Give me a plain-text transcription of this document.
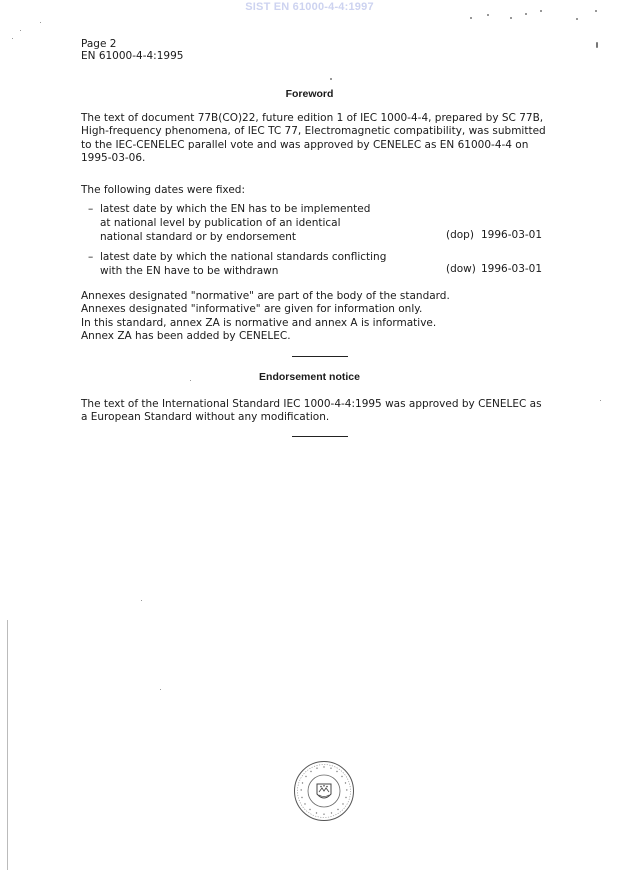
SIST EN 61000-4-4:1997
Page 2
EN 61000-4-4:1995
Foreword
The text of document 77B(CO)22, future edition 1 of IEC 1000-4-4, prepared by SC 77B,
High-frequency phenomena, of IEC TC 77, Electromagnetic compatibility, was submitted
to the IEC-CENELEC parallel vote and was approved by CENELEC as EN 61000-4-4 on
1995-03-06.
The following dates were fixed:
– latest date by which the EN has to be implemented
at national level by publication of an identical
national standard or by endorsement	(dop) 1996-03-01
– latest date by which the national standards conflicting
with the EN have to be withdrawn	(dow) 1996-03-01
Annexes designated "normative" are part of the body of the standard.
Annexes designated "informative" are given for information only.
In this standard, annex ZA is normative and annex A is informative.
Annex ZA has been added by CENELEC.
Endorsement notice
The text of the International Standard IEC 1000-4-4:1995 was approved by CENELEC as
a European Standard without any modification.
